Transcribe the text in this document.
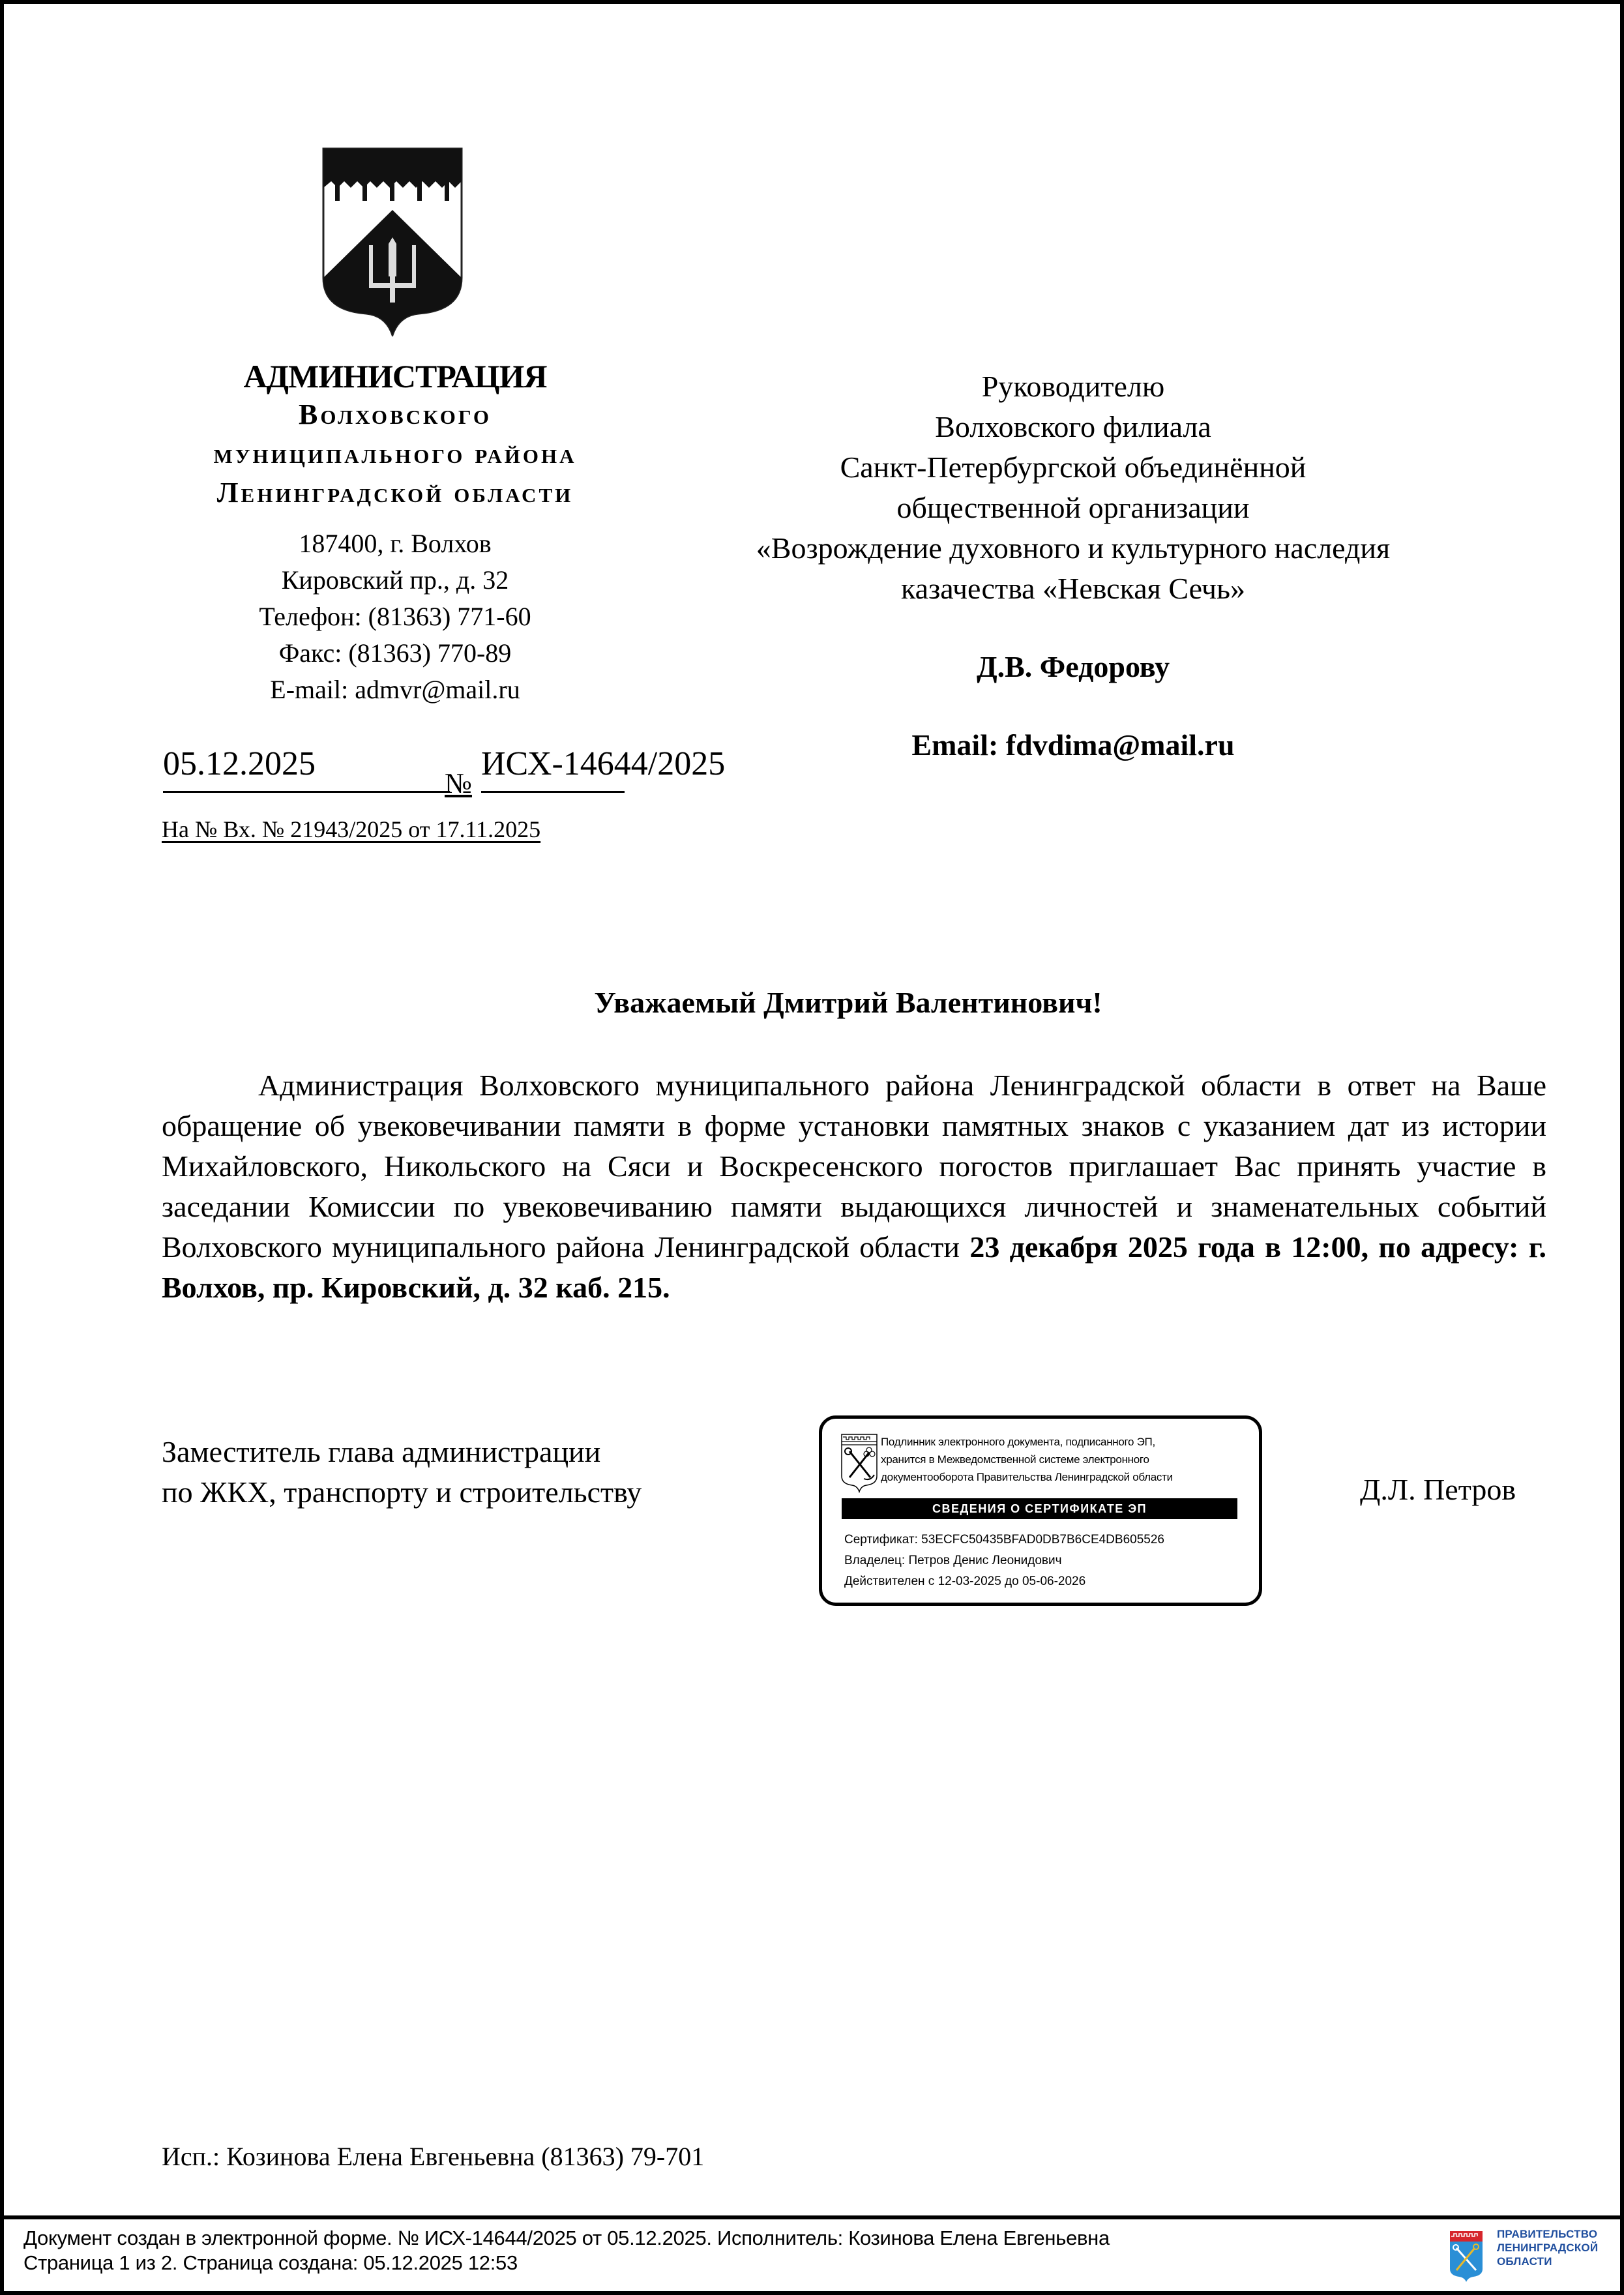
АДМИНИСТРАЦИЯ
Волховского
муниципального района
Ленинградской области
187400, г. Волхов
Кировский пр., д. 32
Телефон: (81363) 771-60
Факс: (81363) 770-89
E-mail: admvr@mail.ru
05.12.2025
№
ИСХ-14644/2025
На № Вх. № 21943/2025 от 17.11.2025
Руководителю
Волховского филиала
Санкт-Петербургской объединённой
общественной организации
«Возрождение духовного и культурного наследия
казачества «Невская Сечь»
Д.В. Федорову
Email: fdvdima@mail.ru
Уважаемый Дмитрий Валентинович!
Администрация Волховского муниципального района Ленинградской области в ответ на Ваше обращение об увековечивании памяти в форме установки памятных знаков с указанием дат из истории Михайловского, Никольского на Сяси и Воскресенского погостов приглашает Вас принять участие в заседании Комиссии по увековечиванию памяти выдающихся личностей и знаменательных событий Волховского муниципального района Ленинградской области 23 декабря 2025 года в 12:00, по адресу: г. Волхов, пр. Кировский, д. 32 каб. 215.
Заместитель глава администрации
по ЖКХ, транспорту и строительству	Д.Л. Петров
Подлинник электронного документа, подписанного ЭП,
хранится в Межведомственной системе электронного
документооборота Правительства Ленинградской области
СВЕДЕНИЯ О СЕРТИФИКАТЕ ЭП
Сертификат: 53ECFC50435BFAD0DB7B6CE4DB605526
Владелец: Петров Денис Леонидович
Действителен с 12-03-2025 до 05-06-2026
Исп.: Козинова Елена Евгеньевна (81363) 79-701
Документ создан в электронной форме. № ИСХ-14644/2025 от 05.12.2025. Исполнитель: Козинова Елена Евгеньевна
Страница 1 из 2. Страница создана: 05.12.2025 12:53
ПРАВИТЕЛЬСТВО
ЛЕНИНГРАДСКОЙ
ОБЛАСТИ
